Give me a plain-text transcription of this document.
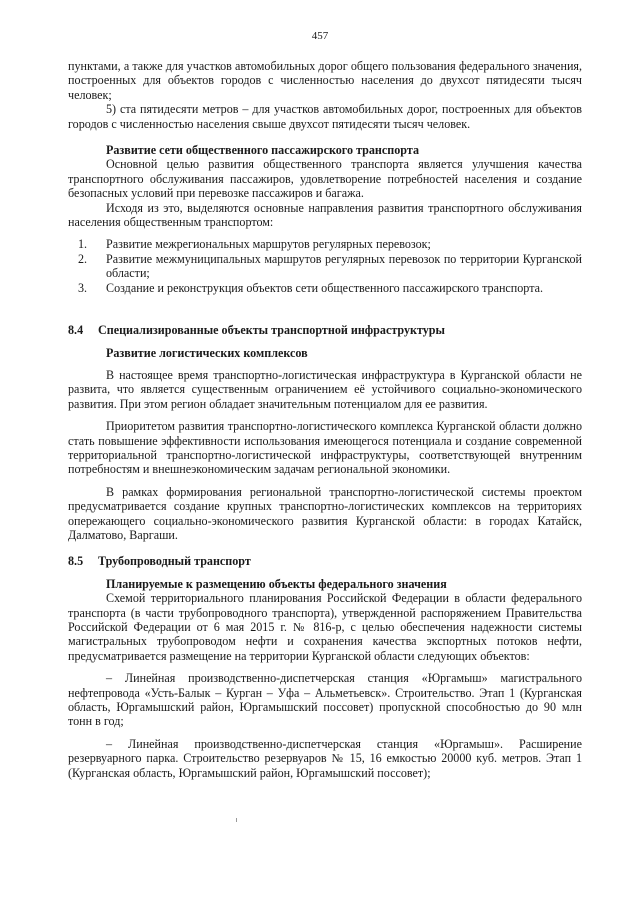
457

пунктами, а также для участков автомобильных дорог общего пользования федерального значения, построенных для объектов городов с численностью населения до двухсот пятидесяти тысяч человек;

5) ста пятидесяти метров – для участков автомобильных дорог, построенных для объектов городов с численностью населения свыше двухсот пятидесяти тысяч человек.

Развитие сети общественного пассажирского транспорта

Основной целью развития общественного транспорта является улучшения качества транспортного обслуживания пассажиров, удовлетворение потребностей населения и создание безопасных условий при перевозке пассажиров и багажа.

Исходя из это, выделяются основные направления развития транспортного обслуживания населения общественным транспортом:

1.	Развитие межрегиональных маршрутов регулярных перевозок;
2.	Развитие межмуниципальных маршрутов регулярных перевозок по территории Курганской области;
3.	Создание и реконструкция объектов сети общественного пассажирского транспорта.
8.4	Специализированные объекты транспортной инфраструктуры

Развитие логистических комплексов

В настоящее время транспортно-логистическая инфраструктура в Курганской области не развита, что является существенным ограничением её устойчивого социально-экономического развития. При этом регион обладает значительным потенциалом для ее развития.

Приоритетом развития транспортно-логистического комплекса Курганской области должно стать повышение эффективности использования имеющегося потенциала и создание современной территориальной транспортно-логистической инфраструктуры, соответствующей внутренним потребностям и внешнеэкономическим задачам региональной экономики.

В рамках формирования региональной транспортно-логистической системы проектом предусматривается создание крупных транспортно-логистических комплексов на территориях опережающего социально-экономического развития Курганской области: в городах Катайск, Далматово, Варгаши.

8.5	Трубопроводный транспорт

Планируемые к размещению объекты федерального значения

Схемой территориального планирования Российской Федерации в области федерального транспорта (в части трубопроводного транспорта), утвержденной распоряжением Правительства Российской Федерации от 6 мая 2015 г. № 816-р, с целью обеспечения надежности системы магистральных трубопроводом нефти и сохранения качества экспортных потоков нефти, предусматривается размещение на территории Курганской области следующих объектов:

– Линейная производственно-диспетчерская станция «Юргамыш» магистрального нефтепровода «Усть-Балык – Курган – Уфа – Альметьевск». Строительство. Этап 1 (Курганская область, Юргамышский район, Юргамышский поссовет) пропускной способностью до 90 млн тонн в год;

– Линейная производственно-диспетчерская станция «Юргамыш». Расширение резервуарного парка. Строительство резервуаров № 15, 16 емкостью 20000 куб. метров. Этап 1 (Курганская область, Юргамышский район, Юргамышский поссовет);
